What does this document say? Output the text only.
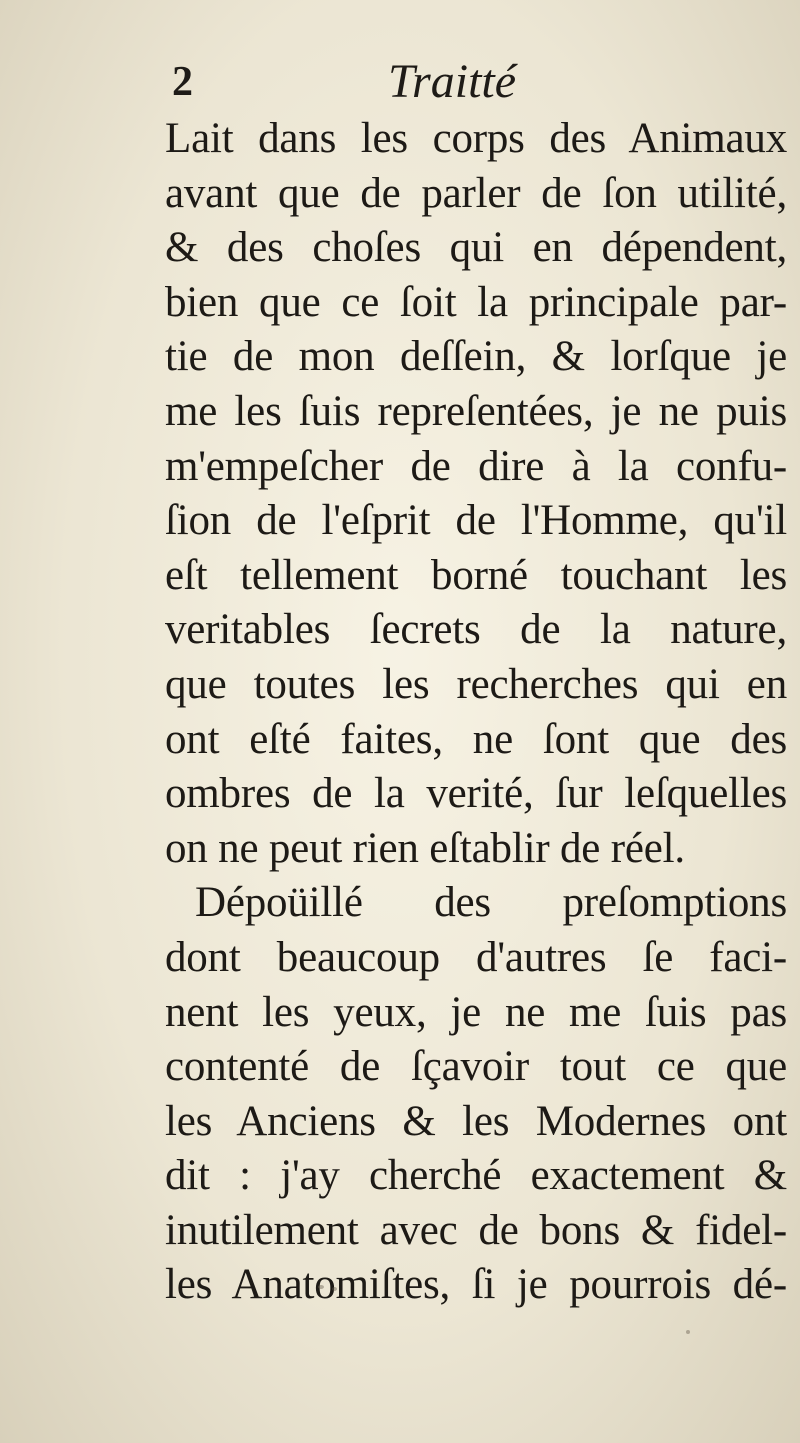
2	Traitté
Lait dans les corps des Animaux
avant que de parler de ſon utilité,
& des choſes qui en dépendent,
bien que ce ſoit la principale par-
tie de mon deſſein, & lorſque je
me les ſuis repreſentées, je ne puis
m'empeſcher de dire à la confu-
ſion de l'eſprit de l'Homme, qu'il
eſt tellement borné touchant les
veritables ſecrets de la nature,
que toutes les recherches qui en
ont eſté faites, ne ſont que des
ombres de la verité, ſur leſquelles
on ne peut rien eſtablir de réel.
Dépoüillé des preſomptions
dont beaucoup d'autres ſe faci-
nent les yeux, je ne me ſuis pas
contenté de ſçavoir tout ce que
les Anciens & les Modernes ont
dit : j'ay cherché exactement &
inutilement avec de bons & fidel-
les Anatomiſtes, ſi je pourrois dé-
